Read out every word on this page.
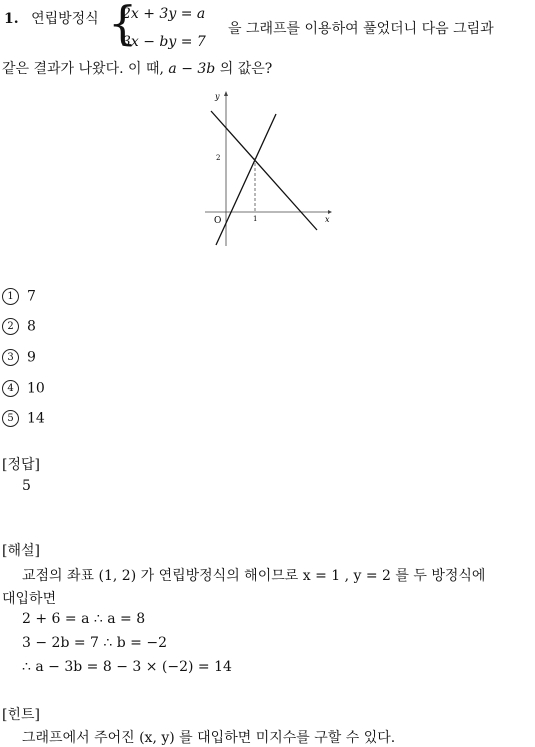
1. 연립방정식 {
2x + 3y = a
3x − by = 7
을 그래프를 이용하여 풀었더니 다음 그림과
같은 결과가 나왔다. 이 때, a − 3b 의 값은?
y
x
O	1
2
1 7
2 8
3 9
4 10
5 14
[정답]
5
[해설]
교점의 좌표 (1, 2) 가 연립방정식의 해이므로 x = 1 , y = 2 를 두 방정식에
대입하면
2 + 6 = a ∴ a = 8
3 − 2b = 7 ∴ b = −2
∴ a − 3b = 8 − 3 × (−2) = 14
[힌트]
그래프에서 주어진 (x, y) 를 대입하면 미지수를 구할 수 있다.
